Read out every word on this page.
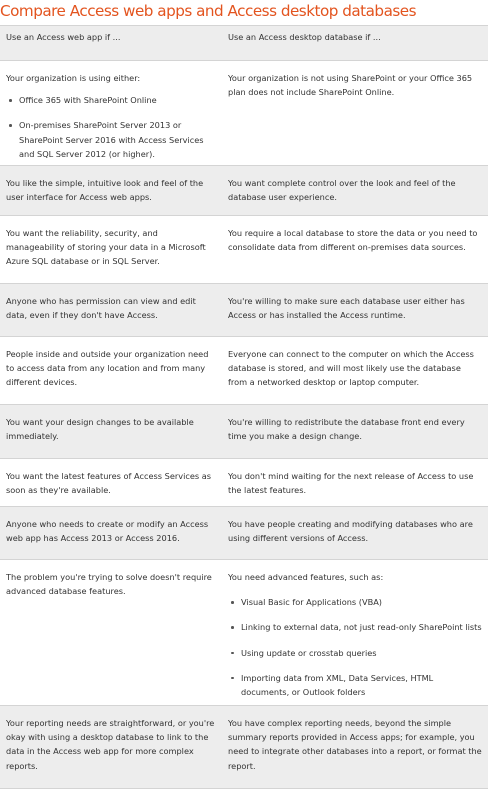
Compare Access web apps and Access desktop databases
Use an Access web app if ...	Use an Access desktop database if ...
Your organization is using either:
Office 365 with SharePoint Online
On-premises SharePoint Server 2013 or SharePoint Server 2016 with Access Services and SQL Server 2012 (or higher).
Your organization is not using SharePoint or your Office 365 plan does not include SharePoint Online.
You like the simple, intuitive look and feel of the user interface for Access web apps.
You want complete control over the look and feel of the database user experience.
You want the reliability, security, and manageability of storing your data in a Microsoft Azure SQL database or in SQL Server.
You require a local database to store the data or you need to consolidate data from different on-premises data sources.
Anyone who has permission can view and edit data, even if they don't have Access.
You're willing to make sure each database user either has Access or has installed the Access runtime.
People inside and outside your organization need to access data from any location and from many different devices.
Everyone can connect to the computer on which the Access database is stored, and will most likely use the database from a networked desktop or laptop computer.
You want your design changes to be available immediately.
You're willing to redistribute the database front end every time you make a design change.
You want the latest features of Access Services as soon as they're available.
You don't mind waiting for the next release of Access to use the latest features.
Anyone who needs to create or modify an Access web app has Access 2013 or Access 2016.
You have people creating and modifying databases who are using different versions of Access.
The problem you're trying to solve doesn't require advanced database features.
You need advanced features, such as:
Visual Basic for Applications (VBA)
Linking to external data, not just read-only SharePoint lists
Using update or crosstab queries
Importing data from XML, Data Services, HTML documents, or Outlook folders
Your reporting needs are straightforward, or you're okay with using a desktop database to link to the data in the Access web app for more complex reports.
You have complex reporting needs, beyond the simple summary reports provided in Access apps; for example, you need to integrate other databases into a report, or format the report.
